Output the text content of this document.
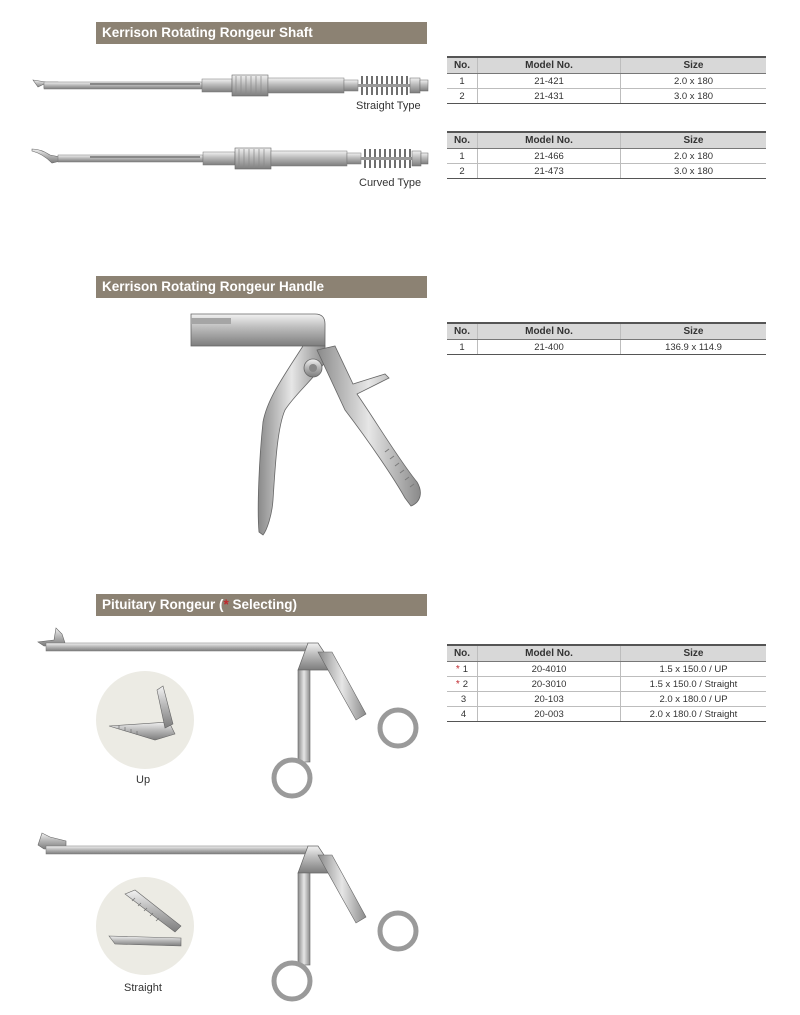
Kerrison Rotating Rongeur Shaft
Straight Type
No.	Model No.	Size
1	21-421	2.0 x 180
2	21-431	3.0 x 180
Curved Type
No.	Model No.	Size
1	21-466	2.0 x 180
2	21-473	3.0 x 180
Kerrison Rotating Rongeur Handle
No.	Model No.	Size
1	21-400	136.9 x 114.9
Pituitary Rongeur (* Selecting)
Up
No.	Model No.	Size
* 1	20-4010	1.5 x 150.0 / UP
* 2	20-3010	1.5 x 150.0 / Straight
3	20-103	2.0 x 180.0 / UP
4	20-003	2.0 x 180.0 / Straight
Straight
